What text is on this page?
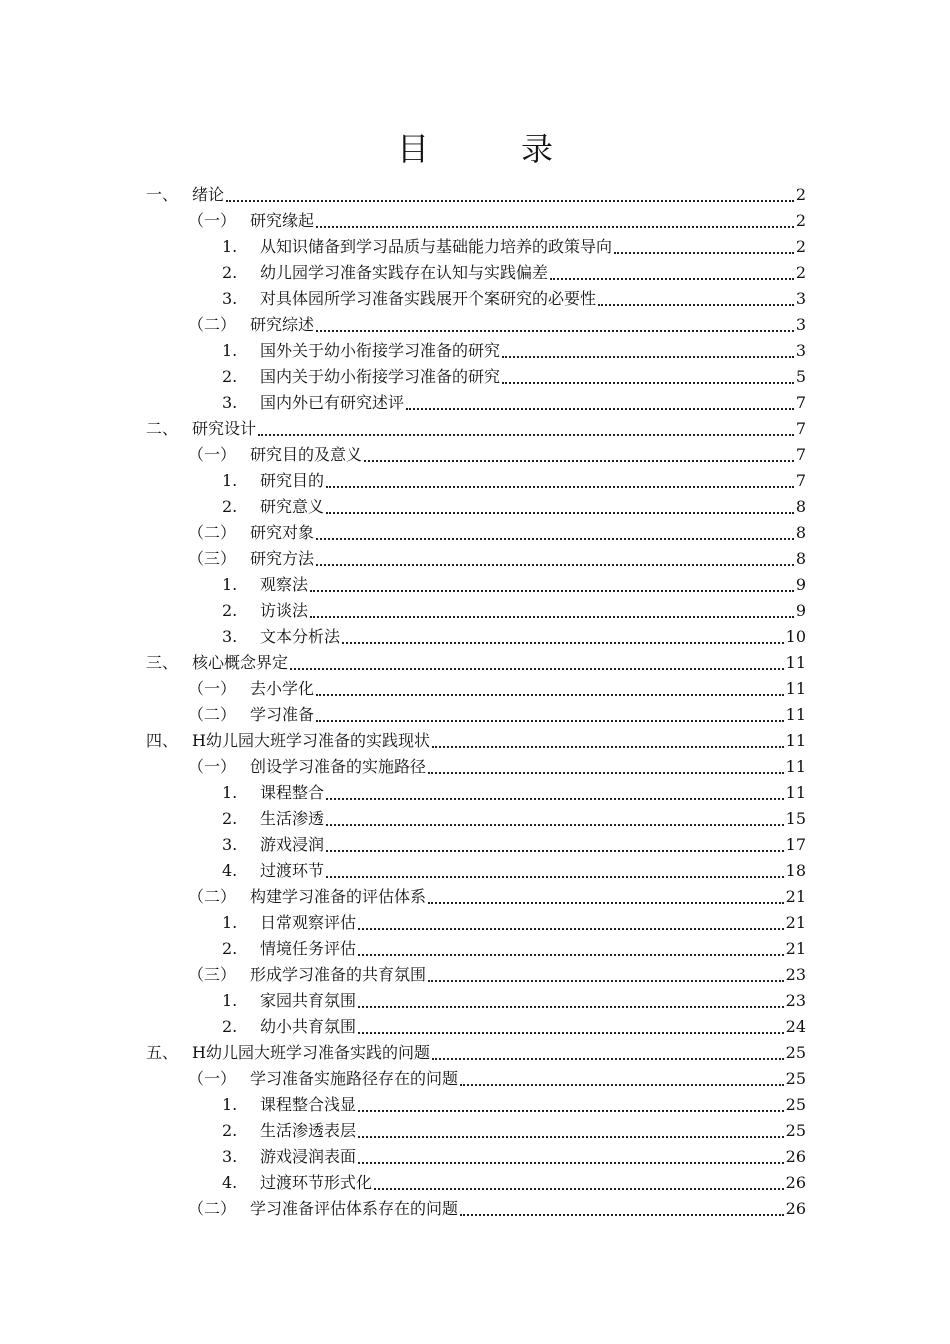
目　录
一、 绪论	2
（一） 研究缘起	2
1.	从知识储备到学习品质与基础能力培养的政策导向	2
2.	幼儿园学习准备实践存在认知与实践偏差	2
3.	对具体园所学习准备实践展开个案研究的必要性	3
（二） 研究综述	3
1.	国外关于幼小衔接学习准备的研究	3
2.	国内关于幼小衔接学习准备的研究	5
3.	国内外已有研究述评	7
二、 研究设计	7
（一） 研究目的及意义	7
1.	研究目的	7
2.	研究意义	8
（二） 研究对象	8
（三） 研究方法	8
1.	观察法	9
2.	访谈法	9
3.	文本分析法	10
三、 核心概念界定	11
（一） 去小学化	11
（二） 学习准备	11
四、 H幼儿园大班学习准备的实践现状	11
（一） 创设学习准备的实施路径	11
1.	课程整合	11
2.	生活渗透	15
3.	游戏浸润	17
4.	过渡环节	18
（二） 构建学习准备的评估体系	21
1.	日常观察评估	21
2.	情境任务评估	21
（三） 形成学习准备的共育氛围	23
1.	家园共育氛围	23
2.	幼小共育氛围	24
五、 H幼儿园大班学习准备实践的问题	25
（一） 学习准备实施路径存在的问题	25
1.	课程整合浅显	25
2.	生活渗透表层	25
3.	游戏浸润表面	26
4.	过渡环节形式化	26
（二） 学习准备评估体系存在的问题	26
